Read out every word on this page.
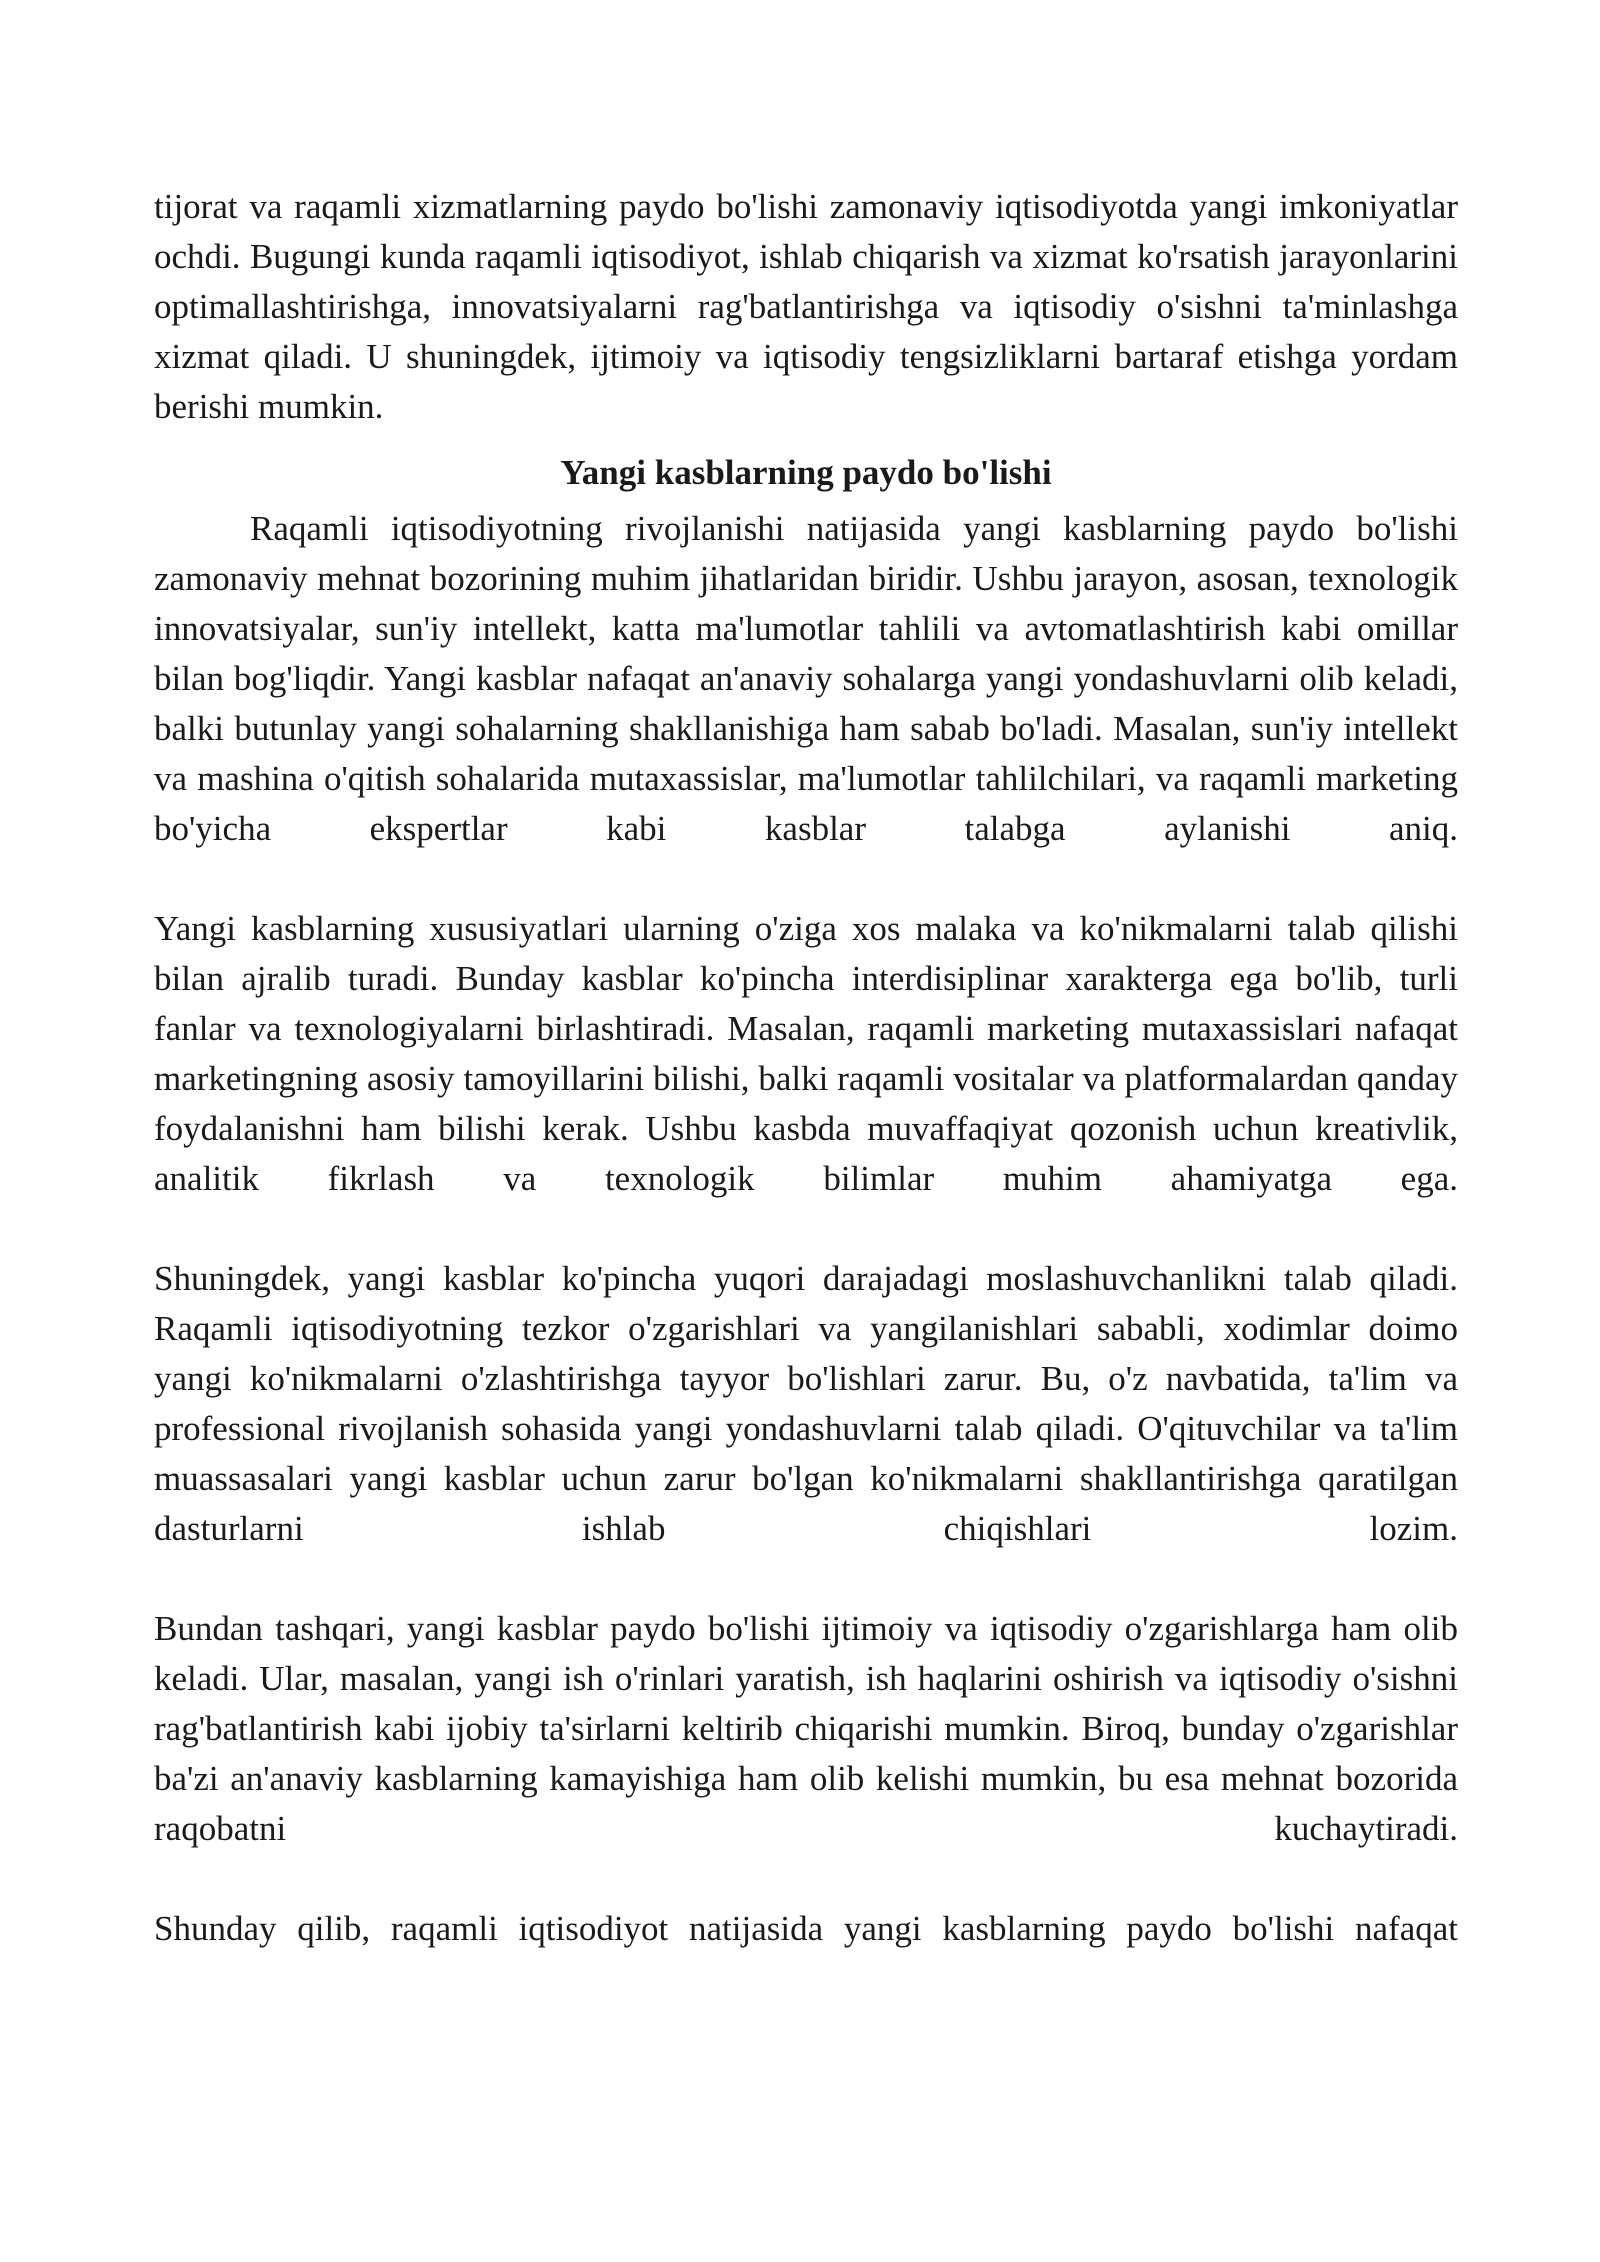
tijorat va raqamli xizmatlarning paydo bo'lishi zamonaviy iqtisodiyotda yangi imkoniyatlar ochdi. Bugungi kunda raqamli iqtisodiyot, ishlab chiqarish va xizmat ko'rsatish jarayonlarini optimallashtirishga, innovatsiyalarni rag'batlantirishga va iqtisodiy o'sishni ta'minlashga xizmat qiladi. U shuningdek, ijtimoiy va iqtisodiy tengsizliklarni bartaraf etishga yordam berishi mumkin.

Yangi kasblarning paydo bo'lishi

Raqamli iqtisodiyotning rivojlanishi natijasida yangi kasblarning paydo bo'lishi zamonaviy mehnat bozorining muhim jihatlaridan biridir. Ushbu jarayon, asosan, texnologik innovatsiyalar, sun'iy intellekt, katta ma'lumotlar tahlili va avtomatlashtirish kabi omillar bilan bog'liqdir. Yangi kasblar nafaqat an'anaviy sohalarga yangi yondashuvlarni olib keladi, balki butunlay yangi sohalarning shakllanishiga ham sabab bo'ladi. Masalan, sun'iy intellekt va mashina o'qitish sohalarida mutaxassislar, ma'lumotlar tahlilchilari, va raqamli marketing bo'yicha ekspertlar kabi kasblar talabga aylanishi aniq.

Yangi kasblarning xususiyatlari ularning o'ziga xos malaka va ko'nikmalarni talab qilishi bilan ajralib turadi. Bunday kasblar ko'pincha interdisiplinar xarakterga ega bo'lib, turli fanlar va texnologiyalarni birlashtiradi. Masalan, raqamli marketing mutaxassislari nafaqat marketingning asosiy tamoyillarini bilishi, balki raqamli vositalar va platformalardan qanday foydalanishni ham bilishi kerak. Ushbu kasbda muvaffaqiyat qozonish uchun kreativlik, analitik fikrlash va texnologik bilimlar muhim ahamiyatga ega.

Shuningdek, yangi kasblar ko'pincha yuqori darajadagi moslashuvchanlikni talab qiladi. Raqamli iqtisodiyotning tezkor o'zgarishlari va yangilanishlari sababli, xodimlar doimo yangi ko'nikmalarni o'zlashtirishga tayyor bo'lishlari zarur. Bu, o'z navbatida, ta'lim va professional rivojlanish sohasida yangi yondashuvlarni talab qiladi. O'qituvchilar va ta'lim muassasalari yangi kasblar uchun zarur bo'lgan ko'nikmalarni shakllantirishga qaratilgan dasturlarni ishlab chiqishlari lozim.

Bundan tashqari, yangi kasblar paydo bo'lishi ijtimoiy va iqtisodiy o'zgarishlarga ham olib keladi. Ular, masalan, yangi ish o'rinlari yaratish, ish haqlarini oshirish va iqtisodiy o'sishni rag'batlantirish kabi ijobiy ta'sirlarni keltirib chiqarishi mumkin. Biroq, bunday o'zgarishlar ba'zi an'anaviy kasblarning kamayishiga ham olib kelishi mumkin, bu esa mehnat bozorida raqobatni kuchaytiradi.

Shunday qilib, raqamli iqtisodiyot natijasida yangi kasblarning paydo bo'lishi nafaqat
